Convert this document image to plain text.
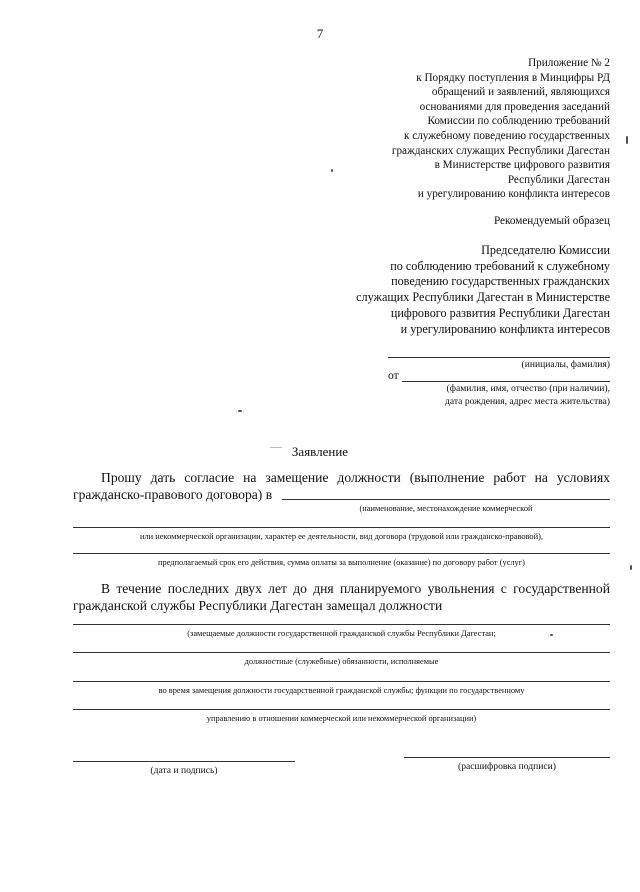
7
Приложение № 2
к Порядку поступления в Минцифры РД
обращений и заявлений, являющихся
основаниями для проведения заседаний
Комиссии по соблюдению требований
к служебному поведению государственных
гражданских служащих Республики Дагестан
в Министерстве цифрового развития
Республики Дагестан
и урегулированию конфликта интересов
Рекомендуемый образец
Председателю Комиссии
по соблюдению требований к служебному
поведению государственных гражданских
служащих Республики Дагестан в Министерстве
цифрового развития Республики Дагестан
и урегулированию конфликта интересов
(инициалы, фамилия)
от
(фамилия, имя, отчество (при наличии),
дата рождения, адрес места жительства)
Заявление
Прошу дать согласие на замещение должности (выполнение работ на условиях гражданско-правового договора) в
(наименование, местонахождение коммерческой
или некоммерческой организации, характер ее деятельности, вид договора (трудовой или гражданско-правовой),
предполагаемый срок его действия, сумма оплаты за выполнение (оказание) по договору работ (услуг)
В течение последних двух лет до дня планируемого увольнения с государственной гражданской службы Республики Дагестан замещал должности
(замещаемые должности государственной гражданской службы Республики Дагестан;
должностные (служебные) обязанности, исполняемые
во время замещения должности государственной гражданской службы; функции по государственному
управлению в отношении коммерческой или некоммерческой организации)
(дата и подпись)	(расшифровка подписи)
